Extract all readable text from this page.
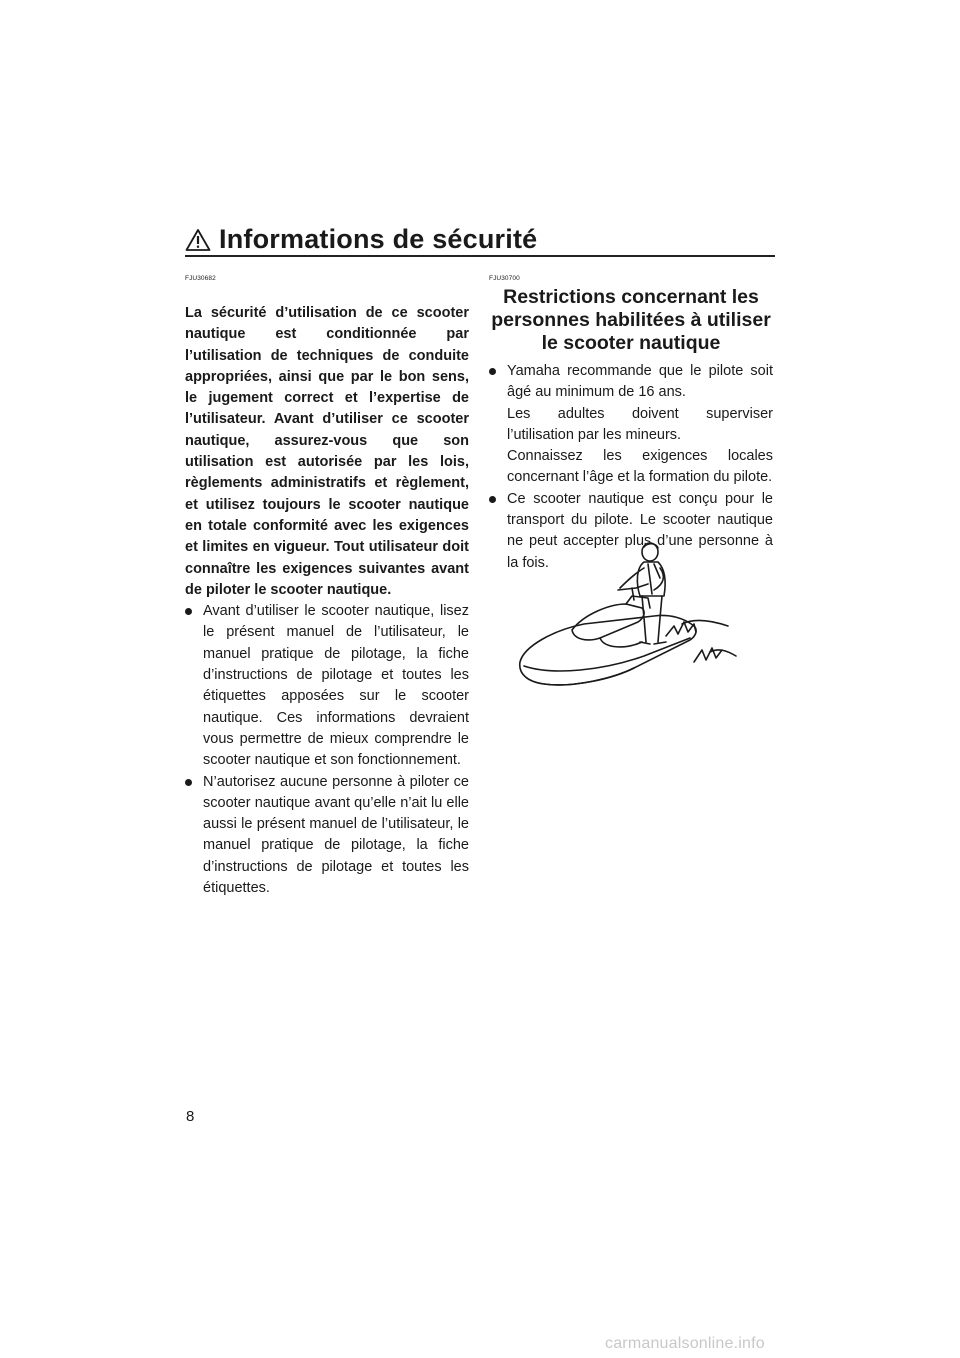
Informations de sécurité
FJU30682
La sécurité d’utilisation de ce scooter nautique est conditionnée par l’utilisation de techniques de conduite appropriées, ainsi que par le bon sens, le jugement correct et l’expertise de l’utilisateur. Avant d’utiliser ce scooter nautique, assurez-vous que son utilisation est autorisée par les lois, règlements administratifs et règlement, et utilisez toujours le scooter nautique en totale conformité avec les exigences et limites en vigueur. Tout utilisateur doit connaître les exigences suivantes avant de piloter le scooter nautique.
Avant d’utiliser le scooter nautique, lisez le présent manuel de l’utilisateur, le manuel pratique de pilotage, la fiche d’instructions de pilotage et toutes les étiquettes apposées sur le scooter nautique. Ces informations devraient vous permettre de mieux comprendre le scooter nautique et son fonctionnement.
N’autorisez aucune personne à piloter ce scooter nautique avant qu’elle n’ait lu elle aussi le présent manuel de l’utilisateur, le manuel pratique de pilotage, la fiche d’instructions de pilotage et toutes les étiquettes.
FJU30700
Restrictions concernant les personnes habilitées à utiliser le scooter nautique
Yamaha recommande que le pilote soit âgé au minimum de 16 ans.
Les adultes doivent superviser l’utilisation par les mineurs.
Connaissez les exigences locales concernant l’âge et la formation du pilote.
Ce scooter nautique est conçu pour le transport du pilote. Le scooter nautique ne peut accepter plus d’une personne à la fois.
8
carmanualsonline.info
